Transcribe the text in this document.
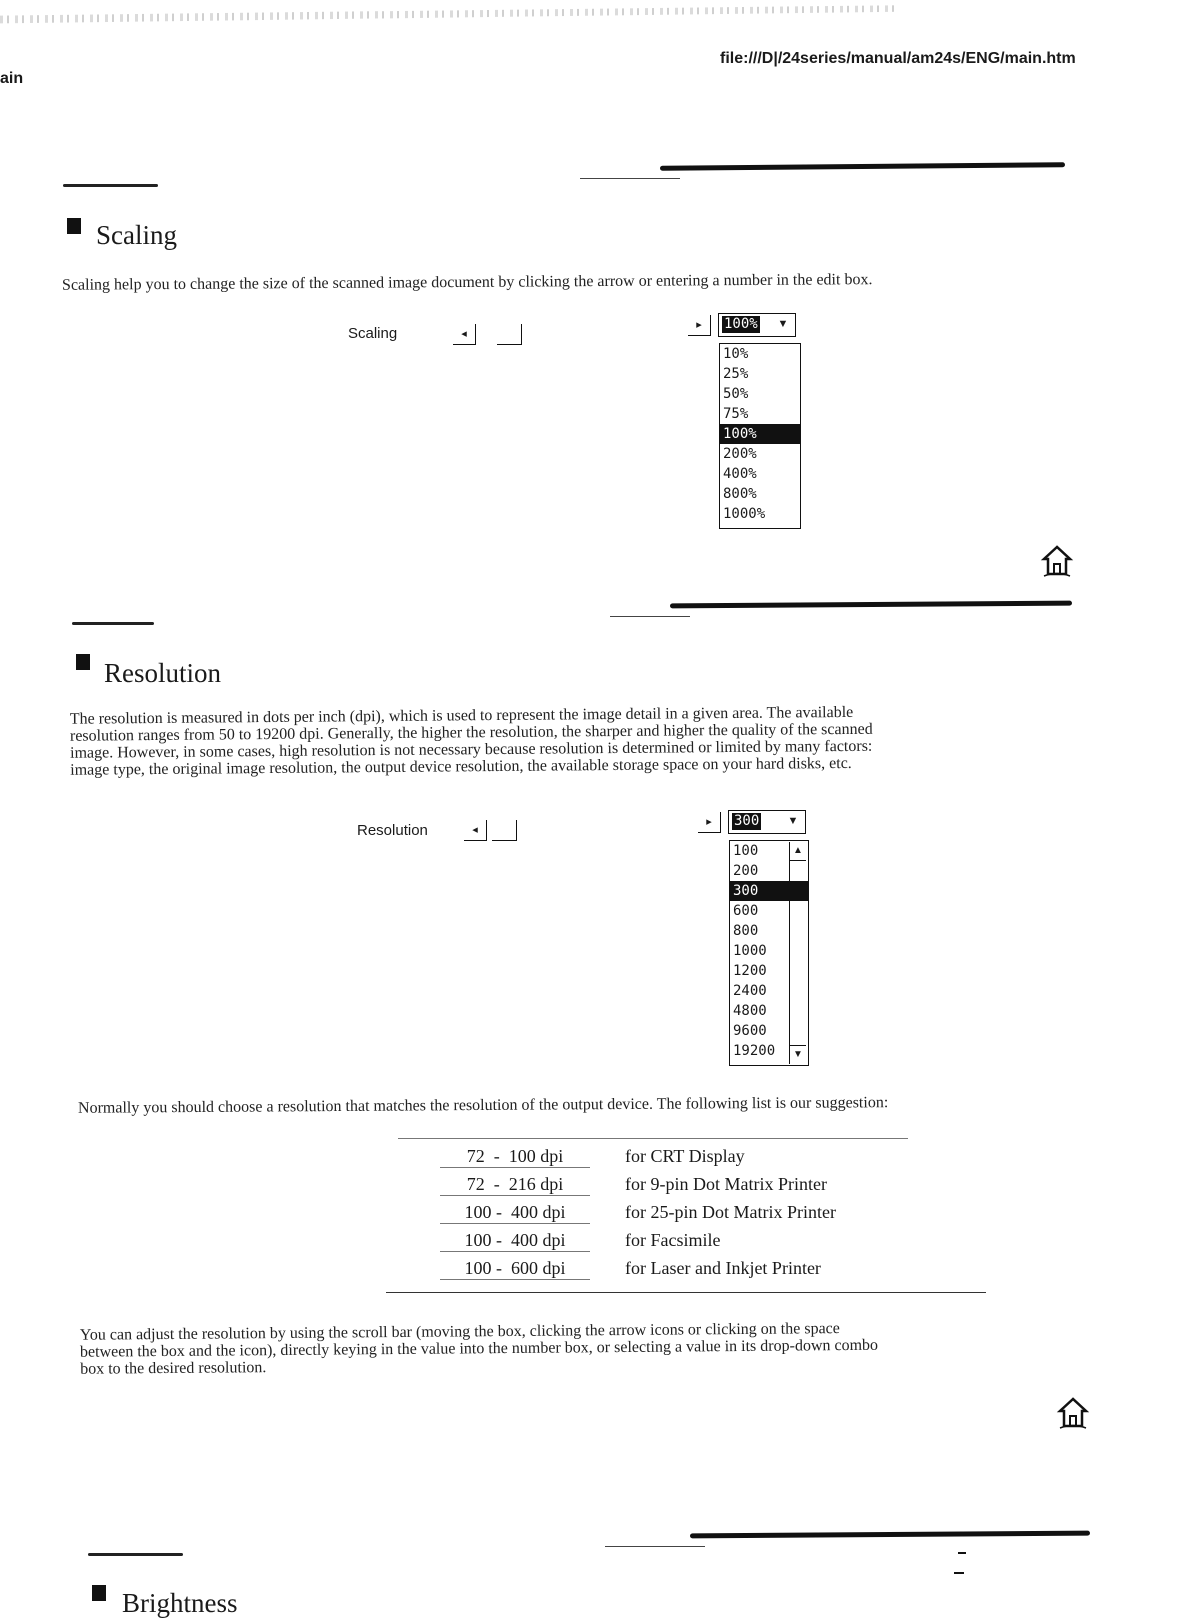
ain
file:///D|/24series/manual/am24s/ENG/main.htm
Scaling
Scaling help you to change the size of the scanned image document by clicking the arrow or entering a number in the edit box.
Scaling	◂
▸	100%	▼
10%
25%
50%
75%
100%
200%
400%
800%
1000%
Resolution
The resolution is measured in dots per inch (dpi), which is used to represent the image detail in a given area. The available
resolution ranges from 50 to 19200 dpi. Generally, the higher the resolution, the sharper and higher the quality of the scanned
image. However, in some cases, high resolution is not necessary because resolution is determined or limited by many factors:
image type, the original image resolution, the output device resolution, the available storage space on your hard disks, etc.
Resolution	◂
▸	300	▼
100
200
300
600
800
1000
1200
2400
4800
9600
19200
▲
▼
Normally you should choose a resolution that matches the resolution of the output device. The following list is our suggestion:
72  -  100 dpi	for CRT Display
72  -  216 dpi	for 9-pin Dot Matrix Printer
100 -  400 dpi	for 25-pin Dot Matrix Printer
100 -  400 dpi	for Facsimile
100 -  600 dpi	for Laser and Inkjet Printer
You can adjust the resolution by using the scroll bar (moving the box, clicking the arrow icons or clicking on the space
between the box and the icon), directly keying in the value into the number box, or selecting a value in its drop-down combo
box to the desired resolution.
Brightness
